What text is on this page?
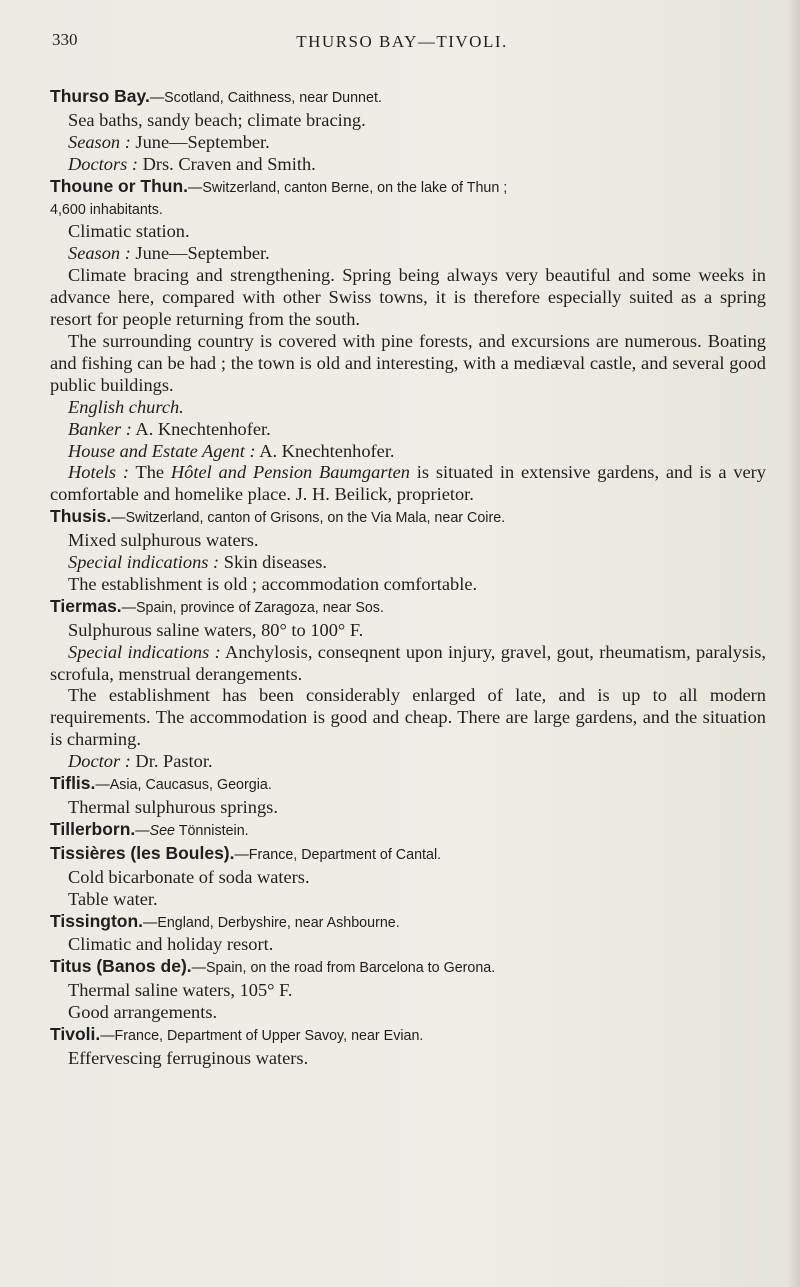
330	THURSO BAY—TIVOLI.
Thurso Bay.—Scotland, Caithness, near Dunnet.
Sea baths, sandy beach; climate bracing.
Season : June—September.
Doctors : Drs. Craven and Smith.
Thoune or Thun.—Switzerland, canton Berne, on the lake of Thun ;
4,600 inhabitants.
Climatic station.
Season : June—September.
Climate bracing and strengthening. Spring being always very beautiful and some weeks in advance here, compared with other Swiss towns, it is therefore especially suited as a spring resort for people returning from the south.
The surrounding country is covered with pine forests, and excursions are numerous. Boating and fishing can be had ; the town is old and interesting, with a mediæval castle, and several good public buildings.
English church.
Banker : A. Knechtenhofer.
House and Estate Agent : A. Knechtenhofer.
Hotels : The Hôtel and Pension Baumgarten is situated in extensive gardens, and is a very comfortable and homelike place. J. H. Beilick, proprietor.
Thusis.—Switzerland, canton of Grisons, on the Via Mala, near Coire.
Mixed sulphurous waters.
Special indications : Skin diseases.
The establishment is old ; accommodation comfortable.
Tiermas.—Spain, province of Zaragoza, near Sos.
Sulphurous saline waters, 80° to 100° F.
Special indications : Anchylosis, conseqnent upon injury, gravel, gout, rheumatism, paralysis, scrofula, menstrual derangements.
The establishment has been considerably enlarged of late, and is up to all modern requirements. The accommodation is good and cheap. There are large gardens, and the situation is charming.
Doctor : Dr. Pastor.
Tiflis.—Asia, Caucasus, Georgia.
Thermal sulphurous springs.
Tillerborn.—See Tönnistein.
Tissières (les Boules).—France, Department of Cantal.
Cold bicarbonate of soda waters.
Table water.
Tissington.—England, Derbyshire, near Ashbourne.
Climatic and holiday resort.
Titus (Banos de).—Spain, on the road from Barcelona to Gerona.
Thermal saline waters, 105° F.
Good arrangements.
Tivoli.—France, Department of Upper Savoy, near Evian.
Effervescing ferruginous waters.
